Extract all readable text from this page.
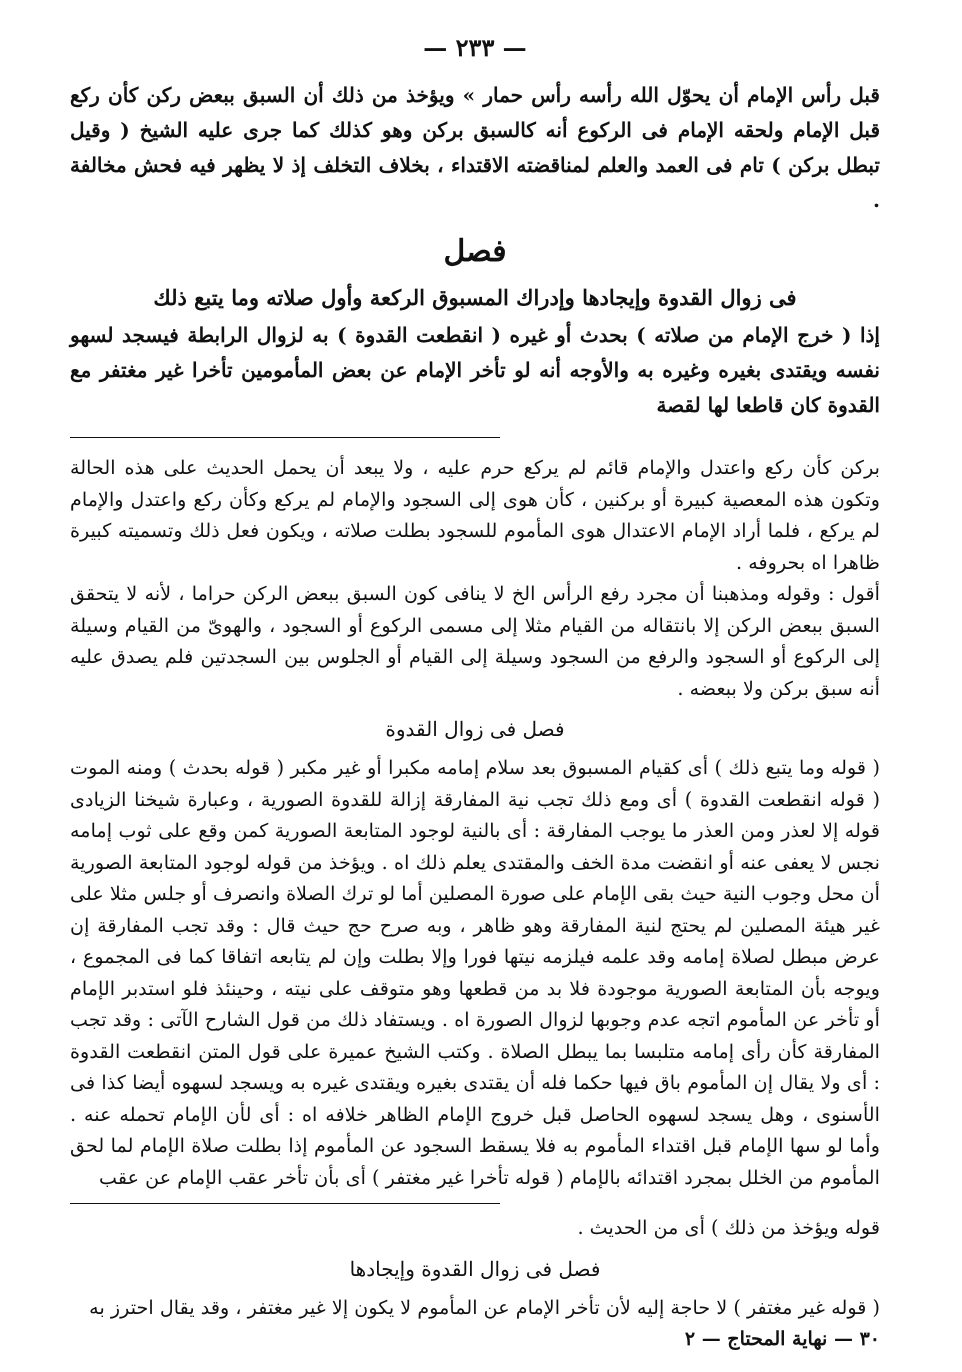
— ٢٣٣ —

قبل رأس الإمام أن يحوّل الله رأسه رأس حمار » ويؤخذ من ذلك أن السبق ببعض ركن كأن ركع قبل الإمام ولحقه الإمام فى الركوع أنه كالسبق بركن وهو كذلك كما جرى عليه الشيخ ( وقيل تبطل بركن ) تام فى العمد والعلم لمناقضته الاقتداء ، بخلاف التخلف إذ لا يظهر فيه فحش مخالفة .

فصل
فى زوال القدوة وإيجادها وإدراك المسبوق الركعة وأول صلاته وما يتبع ذلك

إذا ( خرج الإمام من صلاته ) بحدث أو غيره ( انقطعت القدوة ) به لزوال الرابطة فيسجد لسهو نفسه ويقتدى بغيره وغيره به والأوجه أنه لو تأخر الإمام عن بعض المأمومين تأخرا غير مغتفر مع القدوة كان قاطعا لها لقصة

بركن كأن ركع واعتدل والإمام قائم لم يركع حرم عليه ، ولا يبعد أن يحمل الحديث على هذه الحالة وتكون هذه المعصية كبيرة أو بركنين ، كأن هوى إلى السجود والإمام لم يركع وكأن ركع واعتدل والإمام لم يركع ، فلما أراد الإمام الاعتدال هوى المأموم للسجود بطلت صلاته ، ويكون فعل ذلك وتسميته كبيرة ظاهرا اه بحروفه .

أقول : وقوله ومذهبنا أن مجرد رفع الرأس الخ لا ينافى كون السبق ببعض الركن حراما ، لأنه لا يتحقق السبق ببعض الركن إلا بانتقاله من القيام مثلا إلى مسمى الركوع أو السجود ، والهوىّ من القيام وسيلة إلى الركوع أو السجود والرفع من السجود وسيلة إلى القيام أو الجلوس بين السجدتين فلم يصدق عليه أنه سبق بركن ولا ببعضه .

فصل فى زوال القدوة

( قوله وما يتبع ذلك ) أى كقيام المسبوق بعد سلام إمامه مكبرا أو غير مكبر ( قوله بحدث ) ومنه الموت ( قوله انقطعت القدوة ) أى ومع ذلك تجب نية المفارقة إزالة للقدوة الصورية ، وعبارة شيخنا الزيادى قوله إلا لعذر ومن العذر ما يوجب المفارقة : أى بالنية لوجود المتابعة الصورية كمن وقع على ثوب إمامه نجس لا يعفى عنه أو انقضت مدة الخف والمقتدى يعلم ذلك اه . ويؤخذ من قوله لوجود المتابعة الصورية أن محل وجوب النية حيث بقى الإمام على صورة المصلين أما لو ترك الصلاة وانصرف أو جلس مثلا على غير هيئة المصلين لم يحتج لنية المفارقة وهو ظاهر ، وبه صرح حج حيث قال : وقد تجب المفارقة إن عرض مبطل لصلاة إمامه وقد علمه فيلزمه نيتها فورا وإلا بطلت وإن لم يتابعه اتفاقا كما فى المجموع ، ويوجه بأن المتابعة الصورية موجودة فلا بد من قطعها وهو متوقف على نيته ، وحينئذ فلو استدبر الإمام أو تأخر عن المأموم اتجه عدم وجوبها لزوال الصورة اه . ويستفاد ذلك من قول الشارح الآتى : وقد تجب المفارقة كأن رأى إمامه متلبسا بما يبطل الصلاة . وكتب الشيخ عميرة على قول المتن انقطعت القدوة : أى ولا يقال إن المأموم باق فيها حكما فله أن يقتدى بغيره ويقتدى غيره به ويسجد لسهوه أيضا كذا فى الأسنوى ، وهل يسجد لسهوه الحاصل قبل خروج الإمام الظاهر خلافه اه : أى لأن الإمام تحمله عنه . وأما لو سها الإمام قبل اقتداء المأموم به فلا يسقط السجود عن المأموم إذا بطلت صلاة الإمام لما لحق المأموم من الخلل بمجرد اقتدائه بالإمام ( قوله تأخرا غير مغتفر ) أى بأن تأخر عقب الإمام عن عقب

قوله ويؤخذ من ذلك ) أى من الحديث .

فصل فى زوال القدوة وإيجادها

( قوله غير مغتفر ) لا حاجة إليه لأن تأخر الإمام عن المأموم لا يكون إلا غير مغتفر ، وقد يقال احترز به

٣٠ — نهاية المحتاج — ٢
